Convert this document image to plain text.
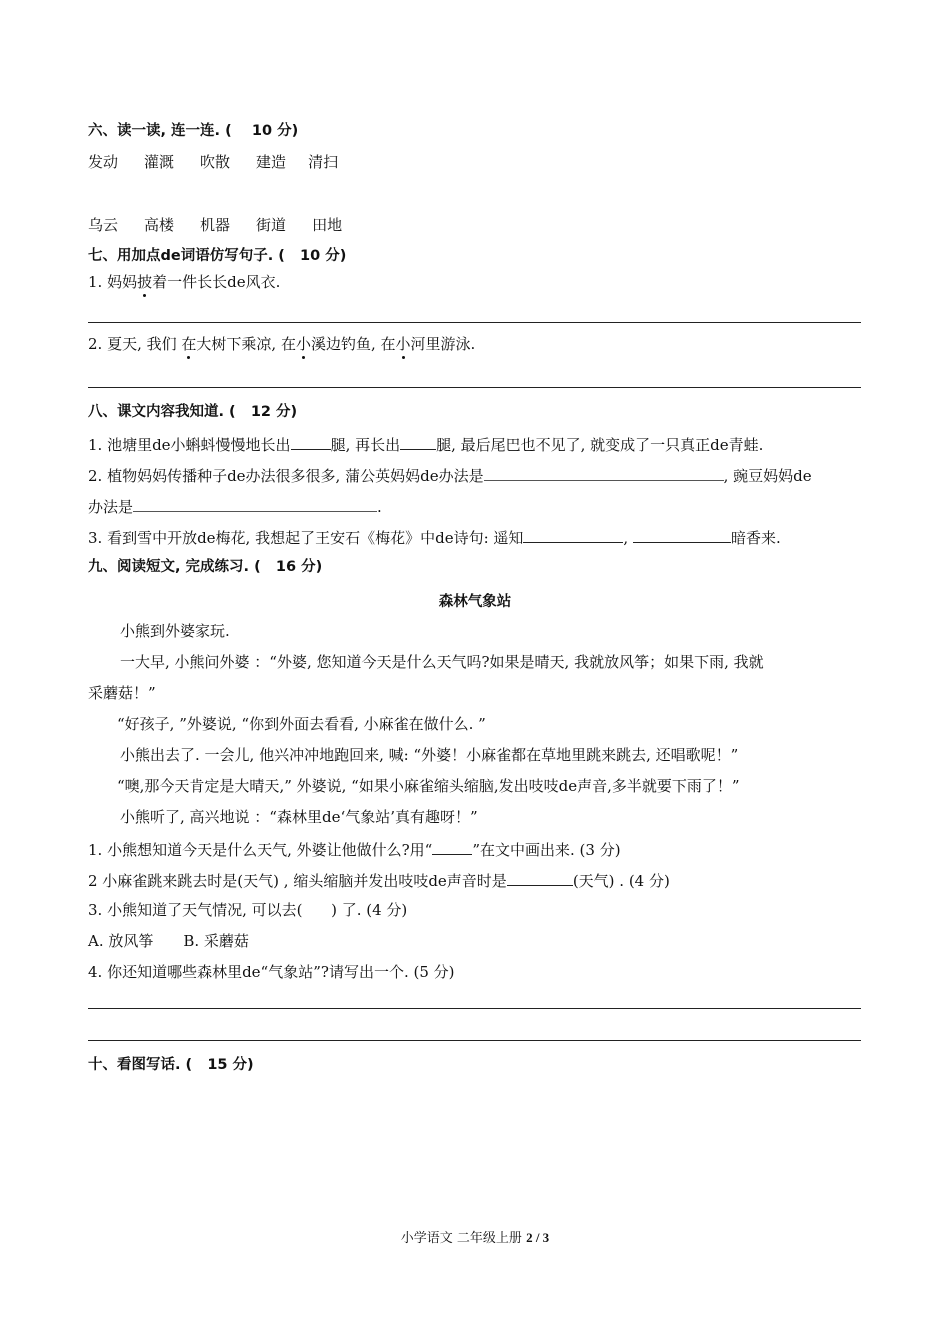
六、读一读, 连一连. (    10 分)
发动 灌溉 吹散 建造 清扫
乌云 高楼 机器 街道 田地
七、用加点de词语仿写句子. (   10 分)
1. 妈妈披着一件长长de风衣.
2. 夏天, 我们 在大树下乘凉, 在小溪边钓鱼, 在小河里游泳.
八、课文内容我知道. (   12 分)
1. 池塘里de小蝌蚪慢慢地长出	腿, 再长出 腿, 最后尾巴也不见了, 就变成了一只真正de青蛙.
2. 植物妈妈传播种子de办法很多很多, 蒲公英妈妈de办法是	, 豌豆妈妈de
办法是	.
3. 看到雪中开放de梅花, 我想起了王安石《梅花》中de诗句: 遥知	,	暗香来.
九、阅读短文, 完成练习. (   16 分)
森林气象站
小熊到外婆家玩.
一大早, 小熊问外婆 ：“外婆, 您知道今天是什么天气吗?如果是晴天, 我就放风筝；如果下雨, 我就
采蘑菇！”
“好孩子, ”外婆说, “你到外面去看看, 小麻雀在做什么. ”
小熊出去了. 一会儿, 他兴冲冲地跑回来, 喊: “外婆！小麻雀都在草地里跳来跳去, 还唱歌呢！”
“噢,那今天肯定是大晴天,” 外婆说, “如果小麻雀缩头缩脑,发出吱吱de声音,多半就要下雨了！”
小熊听了, 高兴地说 ：“森林里de‘气象站’真有趣呀！”
1. 小熊想知道今天是什么天气, 外婆让他做什么?用“	”在文中画出来. (3 分)
2 小麻雀跳来跳去时是(天气) , 缩头缩脑并发出吱吱de声音时是	(天气) . (4 分)
3. 小熊知道了天气情况, 可以去(      ) 了. (4 分)
A. 放风筝 B. 采蘑菇
4. 你还知道哪些森林里de“气象站”?请写出一个. (5 分)
十、看图写话. (   15 分)
小学语文 二年级上册 2 / 3
